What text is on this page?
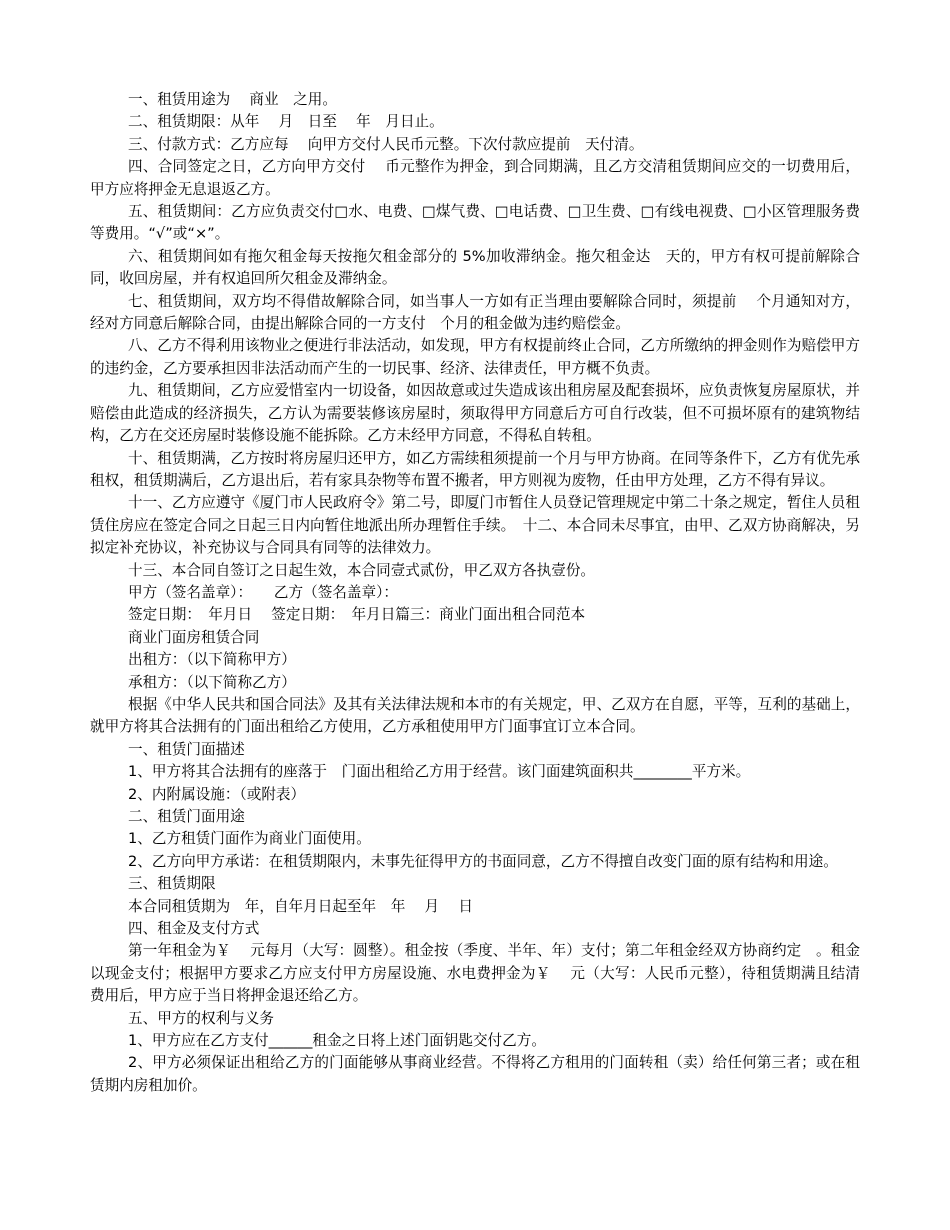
一、租赁用途为　 商业　之用。

二、租赁期限：从年　 月　日至　 年　月日止。

三、付款方式：乙方应每　 向甲方交付人民币元整。下次付款应提前　天付清。

四、合同签定之日，乙方向甲方交付　 币元整作为押金，到合同期满，且乙方交清租赁期间应交的一切费用后，甲方应将押金无息退返乙方。

五、租赁期间：乙方应负责交付□水、电费、□煤气费、□电话费、□卫生费、□有线电视费、□小区管理服务费等费用。“√”或“×”。

六、租赁期间如有拖欠租金每天按拖欠租金部分的 5%加收滞纳金。拖欠租金达　天的，甲方有权可提前解除合同，收回房屋，并有权追回所欠租金及滞纳金。

七、租赁期间，双方均不得借故解除合同，如当事人一方如有正当理由要解除合同时，须提前　 个月通知对方，经对方同意后解除合同，由提出解除合同的一方支付　个月的租金做为违约赔偿金。

八、乙方不得利用该物业之便进行非法活动，如发现，甲方有权提前终止合同，乙方所缴纳的押金则作为赔偿甲方的违约金，乙方要承担因非法活动而产生的一切民事、经济、法律责任，甲方概不负责。

九、租赁期间，乙方应爱惜室内一切设备，如因故意或过失造成该出租房屋及配套损坏，应负责恢复房屋原状，并赔偿由此造成的经济损失，乙方认为需要装修该房屋时，须取得甲方同意后方可自行改装，但不可损坏原有的建筑物结构，乙方在交还房屋时装修设施不能拆除。乙方未经甲方同意，不得私自转租。

十、租赁期满，乙方按时将房屋归还甲方，如乙方需续租须提前一个月与甲方协商。在同等条件下，乙方有优先承租权，租赁期满后，乙方退出后，若有家具杂物等布置不搬者，甲方则视为废物，任由甲方处理，乙方不得有异议。

十一、乙方应遵守《厦门市人民政府令》第二号，即厦门市暂住人员登记管理规定中第二十条之规定，暂住人员租赁住房应在签定合同之日起三日内向暂住地派出所办理暂住手续。　十二、本合同未尽事宜，由甲、乙双方协商解决，另拟定补充协议，补充协议与合同具有同等的法律效力。

十三、本合同自签订之日起生效，本合同壹式贰份，甲乙双方各执壹份。

甲方（签名盖章）：　　乙方（签名盖章）：

签定日期：　年月日　 签定日期：　年月日篇三：商业门面出租合同范本

商业门面房租赁合同

出租方：（以下简称甲方）

承租方：（以下简称乙方）

根据《中华人民共和国合同法》及其有关法律法规和本市的有关规定，甲、乙双方在自愿，平等，互利的基础上，就甲方将其合法拥有的门面出租给乙方使用，乙方承租使用甲方门面事宜订立本合同。

一、租赁门面描述

1、甲方将其合法拥有的座落于　门面出租给乙方用于经营。该门面建筑面积共________平方米。

2、内附属设施：（或附表）

二、租赁门面用途

1、乙方租赁门面作为商业门面使用。

2、乙方向甲方承诺：在租赁期限内，未事先征得甲方的书面同意，乙方不得擅自改变门面的原有结构和用途。

三、租赁期限

本合同租赁期为　年，自年月日起至年　年　 月　 日

四、租金及支付方式

第一年租金为￥　 元每月（大写：圆整）。租金按（季度、半年、年）支付；第二年租金经双方协商约定　。租金以现金支付；根据甲方要求乙方应支付甲方房屋设施、水电费押金为￥　 元（大写：人民币元整），待租赁期满且结清费用后，甲方应于当日将押金退还给乙方。

五、甲方的权利与义务

1、甲方应在乙方支付______租金之日将上述门面钥匙交付乙方。

2、甲方必须保证出租给乙方的门面能够从事商业经营。不得将乙方租用的门面转租（卖）给任何第三者；或在租赁期内房租加价。
